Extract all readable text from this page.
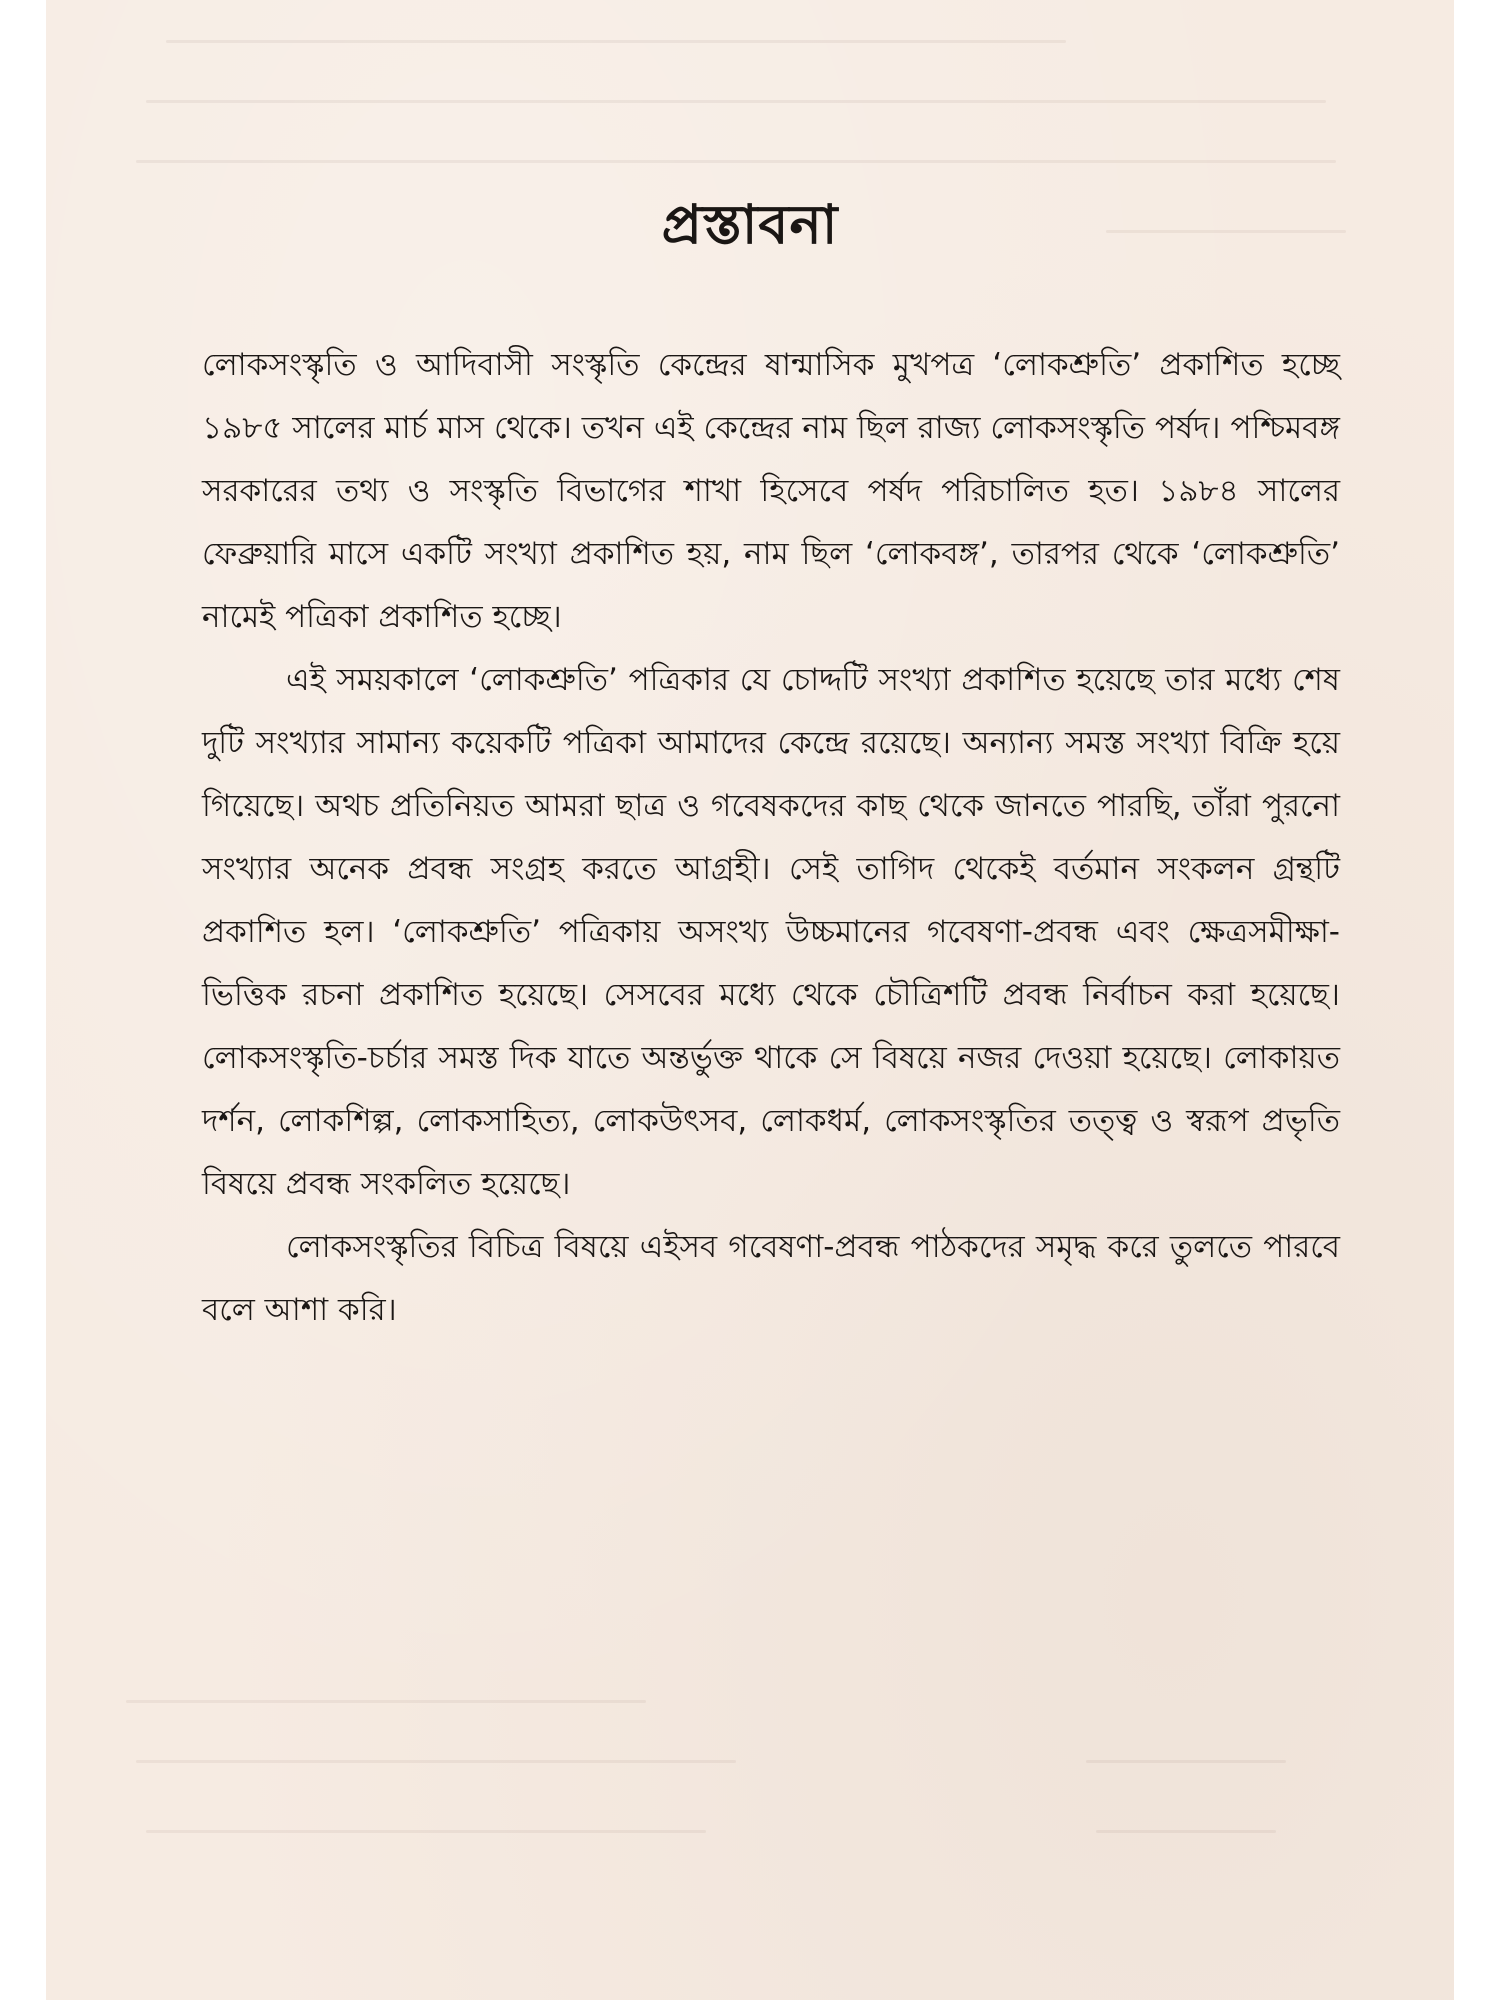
প্রস্তাবনা

লোকসংস্কৃতি ও আদিবাসী সংস্কৃতি কেন্দ্রের ষান্মাসিক মুখপত্র ‘লোকশ্রুতি’ প্রকাশিত হচ্ছে ১৯৮৫ সালের মার্চ মাস থেকে। তখন এই কেন্দ্রের নাম ছিল রাজ্য লোকসংস্কৃতি পর্ষদ। পশ্চিমবঙ্গ সরকারের তথ্য ও সংস্কৃতি বিভাগের শাখা হিসেবে পর্ষদ পরিচালিত হত। ১৯৮৪ সালের ফেব্রুয়ারি মাসে একটি সংখ্যা প্রকাশিত হয়, নাম ছিল ‘লোকবঙ্গ’, তারপর থেকে ‘লোকশ্রুতি’ নামেই পত্রিকা প্রকাশিত হচ্ছে।

এই সময়কালে ‘লোকশ্রুতি’ পত্রিকার যে চোদ্দটি সংখ্যা প্রকাশিত হয়েছে তার মধ্যে শেষ দুটি সংখ্যার সামান্য কয়েকটি পত্রিকা আমাদের কেন্দ্রে রয়েছে। অন্যান্য সমস্ত সংখ্যা বিক্রি হয়ে গিয়েছে। অথচ প্রতিনিয়ত আমরা ছাত্র ও গবেষকদের কাছ থেকে জানতে পারছি, তাঁরা পুরনো সংখ্যার অনেক প্রবন্ধ সংগ্রহ করতে আগ্রহী। সেই তাগিদ থেকেই বর্তমান সংকলন গ্রন্থটি প্রকাশিত হল। ‘লোকশ্রুতি’ পত্রিকায় অসংখ্য উচ্চমানের গবেষণা-প্রবন্ধ এবং ক্ষেত্রসমীক্ষা-ভিত্তিক রচনা প্রকাশিত হয়েছে। সেসবের মধ্যে থেকে চৌত্রিশটি প্রবন্ধ নির্বাচন করা হয়েছে। লোকসংস্কৃতি-চর্চার সমস্ত দিক যাতে অন্তর্ভুক্ত থাকে সে বিষয়ে নজর দেওয়া হয়েছে। লোকায়ত দর্শন, লোকশিল্প, লোকসাহিত্য, লোকউৎসব, লোকধর্ম, লোকসংস্কৃতির তত্ত্ব ও স্বরূপ প্রভৃতি বিষয়ে প্রবন্ধ সংকলিত হয়েছে।

লোকসংস্কৃতির বিচিত্র বিষয়ে এইসব গবেষণা-প্রবন্ধ পাঠকদের সমৃদ্ধ করে তুলতে পারবে বলে আশা করি।
